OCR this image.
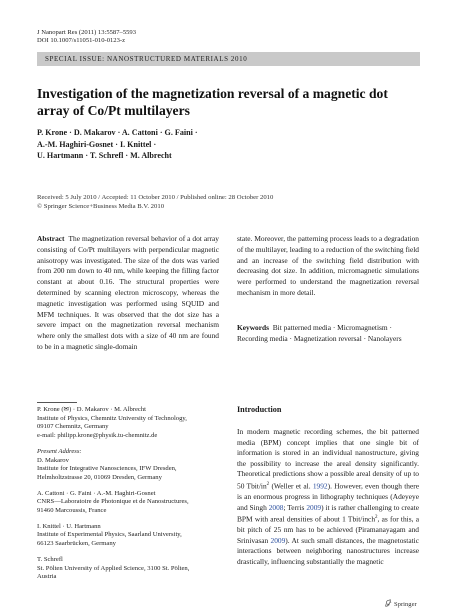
J Nanopart Res (2011) 13:5587–5593
DOI 10.1007/s11051-010-0123-z
SPECIAL ISSUE: NANOSTRUCTURED MATERIALS 2010
Investigation of the magnetization reversal of a magnetic dot array of Co/Pt multilayers
P. Krone · D. Makarov · A. Cattoni · G. Faini ·
A.-M. Haghiri-Gosnet · I. Knittel ·
U. Hartmann · T. Schrefl · M. Albrecht
Received: 5 July 2010 / Accepted: 11 October 2010 / Published online: 28 October 2010
© Springer Science+Business Media B.V. 2010
Abstract The magnetization reversal behavior of a dot array consisting of Co/Pt multilayers with perpendicular magnetic anisotropy was investigated. The size of the dots was varied from 200 nm down to 40 nm, while keeping the filling factor constant at about 0.16. The structural properties were determined by scanning electron microscopy, whereas the magnetic investigation was performed using SQUID and MFM techniques. It was observed that the dot size has a severe impact on the magnetization reversal mechanism where only the smallest dots with a size of 40 nm are found to be in a magnetic single-domain
state. Moreover, the patterning process leads to a degradation of the multilayer, leading to a reduction of the switching field and an increase of the switching field distribution with decreasing dot size. In addition, micromagnetic simulations were performed to understand the magnetization reversal mechanism in more detail.
Keywords Bit patterned media · Micromagnetism · Recording media · Magnetization reversal · Nanolayers
P. Krone (✉) · D. Makarov · M. Albrecht
Institute of Physics, Chemnitz University of Technology,
09107 Chemnitz, Germany
e-mail: philipp.krone@physik.tu-chemnitz.de
Present Address:
D. Makarov
Institute for Integrative Nanosciences, IFW Dresden,
Helmholtzstrasse 20, 01069 Dresden, Germany
A. Cattoni · G. Faini · A.-M. Haghiri-Gosnet
CNRS—Laboratoire de Photonique et de Nanostructures,
91460 Marcoussis, France
I. Knittel · U. Hartmann
Institute of Experimental Physics, Saarland University,
66123 Saarbrücken, Germany
T. Schrefl
St. Pölten University of Applied Science, 3100 St. Pölten,
Austria
Introduction
In modern magnetic recording schemes, the bit patterned media (BPM) concept implies that one single bit of information is stored in an individual nanostructure, giving the possibility to increase the areal density significantly. Theoretical predictions show a possible areal density of up to 50 Tbit/$in^2$ (Weller et al. 1992). However, even though there is an enormous progress in lithography techniques (Adeyeye and Singh 2008; Terris 2009) it is rather challenging to create BPM with areal densities of about 1 Tbit/inch$^2$, as for this, a bit pitch of 25 nm has to be achieved (Piramanayagam and Srinivasan 2009). At such small distances, the magnetostatic interactions between neighboring nanostructures increase drastically, influencing substantially the magnetic
Springer
